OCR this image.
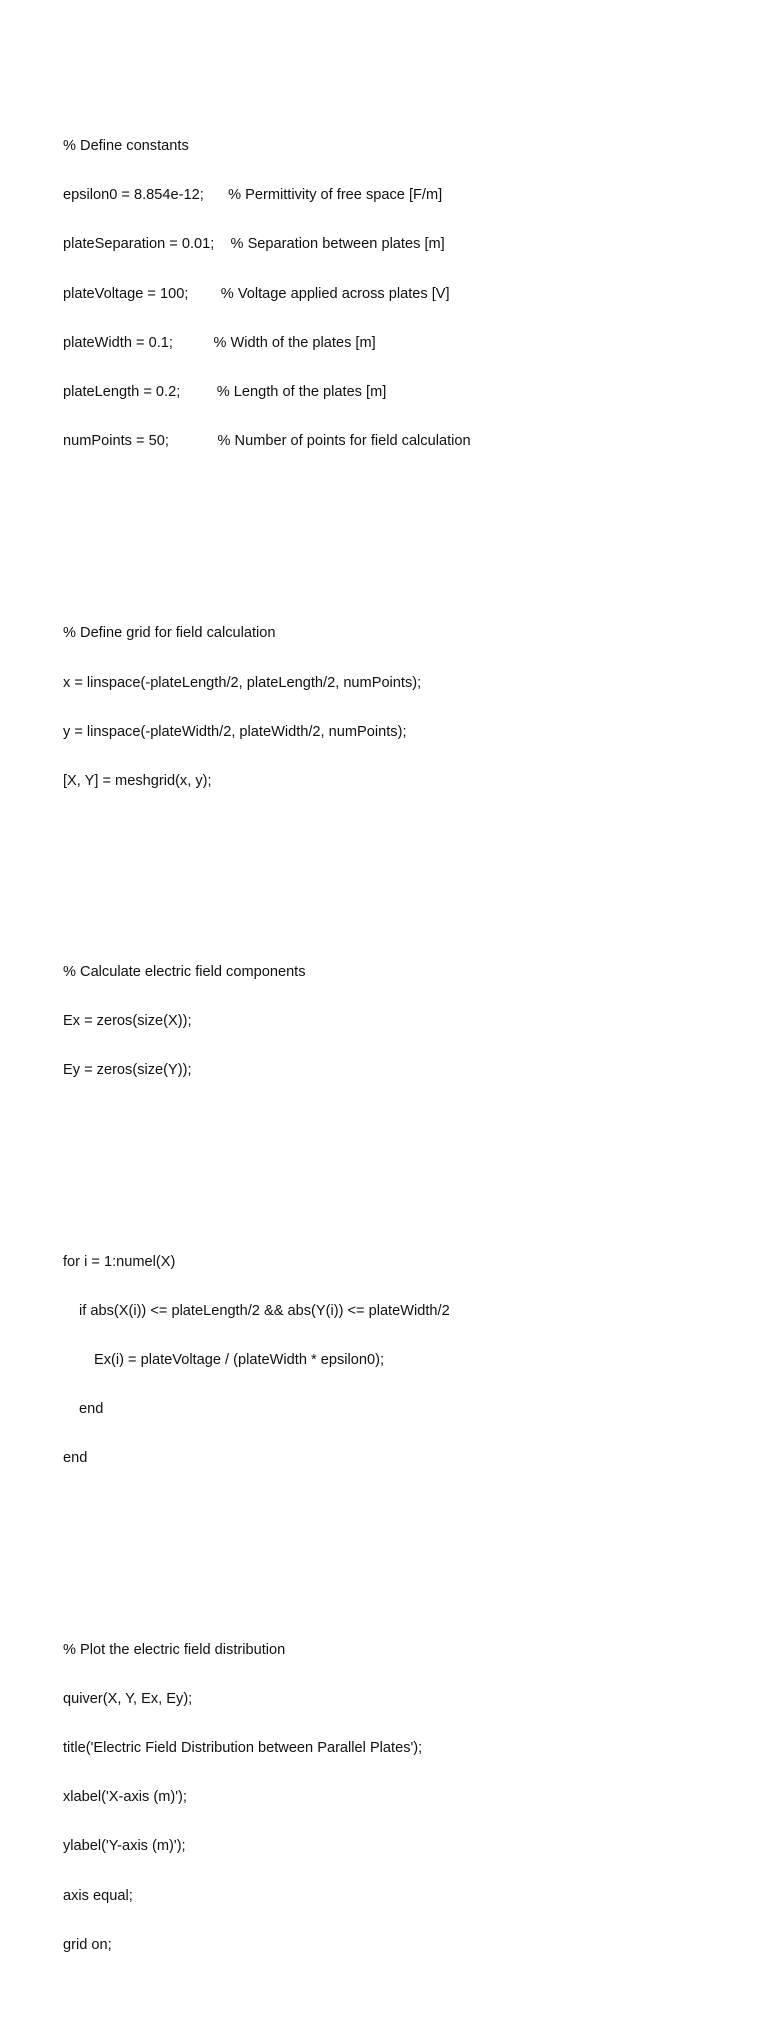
% Define constants

epsilon0 = 8.854e-12;      % Permittivity of free space [F/m]

plateSeparation = 0.01;    % Separation between plates [m]

plateVoltage = 100;        % Voltage applied across plates [V]

plateWidth = 0.1;          % Width of the plates [m]

plateLength = 0.2;         % Length of the plates [m]

numPoints = 50;            % Number of points for field calculation

% Define grid for field calculation

x = linspace(-plateLength/2, plateLength/2, numPoints);

y = linspace(-plateWidth/2, plateWidth/2, numPoints);

[X, Y] = meshgrid(x, y);

% Calculate electric field components

Ex = zeros(size(X));

Ey = zeros(size(Y));

for i = 1:numel(X)

if abs(X(i)) <= plateLength/2 && abs(Y(i)) <= plateWidth/2

Ex(i) = plateVoltage / (plateWidth * epsilon0);

end

end

% Plot the electric field distribution

quiver(X, Y, Ex, Ey);

title('Electric Field Distribution between Parallel Plates');

xlabel('X-axis (m)');

ylabel('Y-axis (m)');

axis equal;

grid on;
